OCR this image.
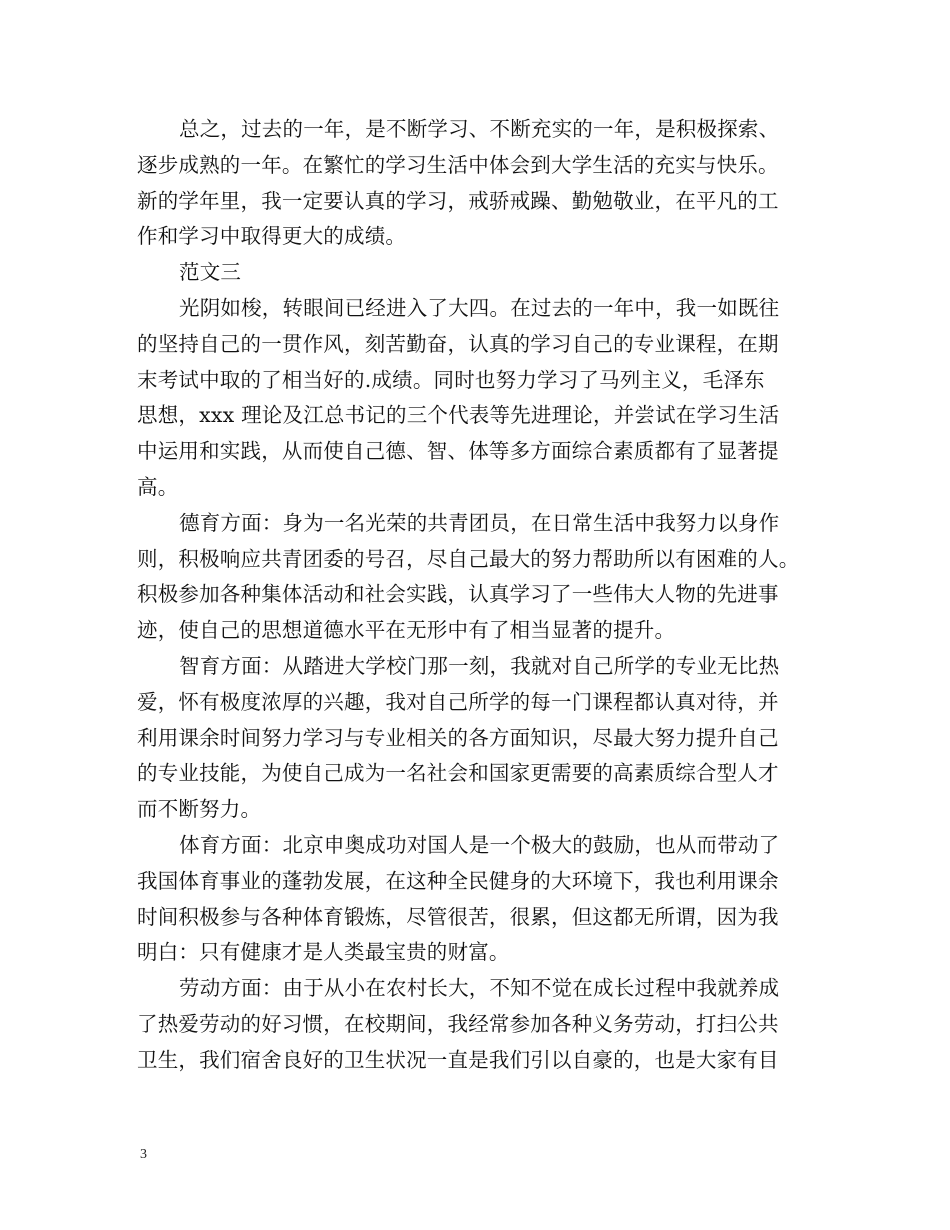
总之，过去的一年，是不断学习、不断充实的一年，是积极探索、
逐步成熟的一年。在繁忙的学习生活中体会到大学生活的充实与快乐。
新的学年里，我一定要认真的学习，戒骄戒躁、勤勉敬业，在平凡的工
作和学习中取得更大的成绩。
范文三
光阴如梭，转眼间已经进入了大四。在过去的一年中，我一如既往
的坚持自己的一贯作风，刻苦勤奋，认真的学习自己的专业课程，在期
末考试中取的了相当好的.成绩。同时也努力学习了马列主义，毛泽东
思想，xxx 理论及江总书记的三个代表等先进理论，并尝试在学习生活
中运用和实践，从而使自己德、智、体等多方面综合素质都有了显著提
高。
德育方面：身为一名光荣的共青团员，在日常生活中我努力以身作
则，积极响应共青团委的号召，尽自己最大的努力帮助所以有困难的人。
积极参加各种集体活动和社会实践，认真学习了一些伟大人物的先进事
迹，使自己的思想道德水平在无形中有了相当显著的提升。
智育方面：从踏进大学校门那一刻，我就对自己所学的专业无比热
爱，怀有极度浓厚的兴趣，我对自己所学的每一门课程都认真对待，并
利用课余时间努力学习与专业相关的各方面知识，尽最大努力提升自己
的专业技能，为使自己成为一名社会和国家更需要的高素质综合型人才
而不断努力。
体育方面：北京申奥成功对国人是一个极大的鼓励，也从而带动了
我国体育事业的蓬勃发展，在这种全民健身的大环境下，我也利用课余
时间积极参与各种体育锻炼，尽管很苦，很累，但这都无所谓，因为我
明白：只有健康才是人类最宝贵的财富。
劳动方面：由于从小在农村长大，不知不觉在成长过程中我就养成
了热爱劳动的好习惯，在校期间，我经常参加各种义务劳动，打扫公共
卫生，我们宿舍良好的卫生状况一直是我们引以自豪的，也是大家有目
3
